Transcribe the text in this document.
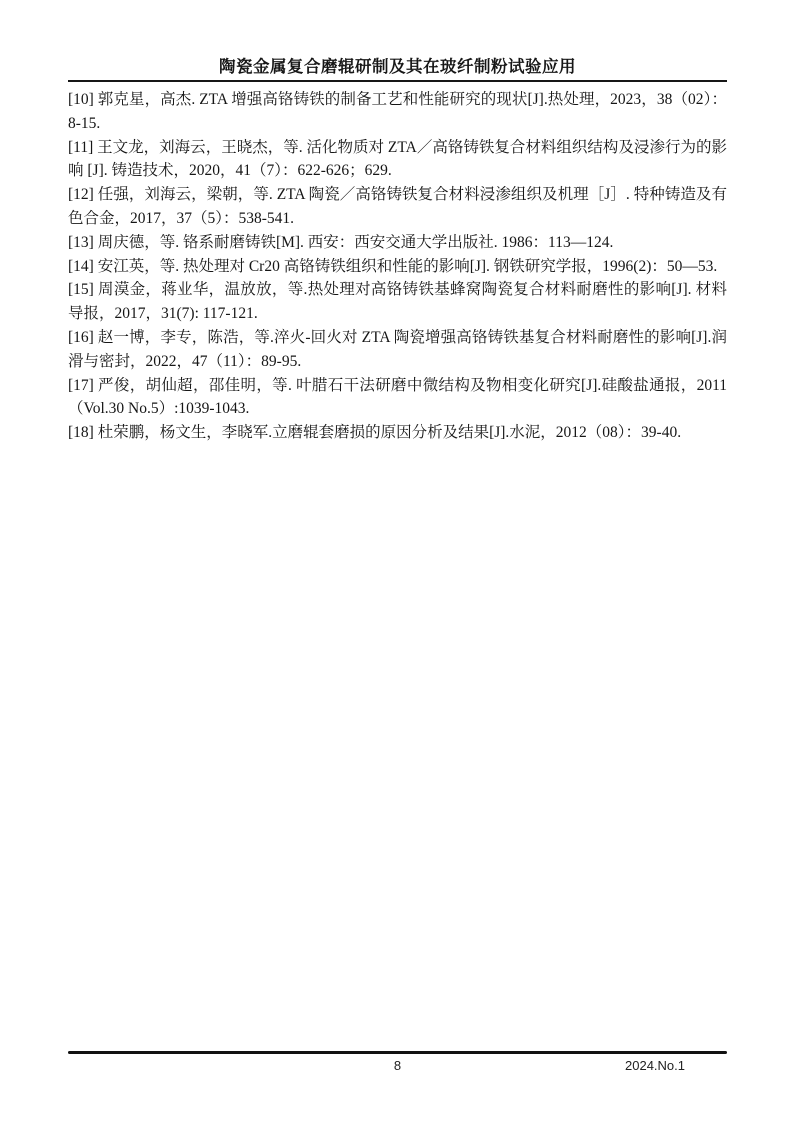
陶瓷金属复合磨辊研制及其在玻纤制粉试验应用

[10] 郭克星，高杰. ZTA 增强高铬铸铁的制备工艺和性能研究的现状[J].热处理，2023，38（02）：8-15.

[11] 王文龙，刘海云，王晓杰，等. 活化物质对 ZTA／高铬铸铁复合材料组织结构及浸渗行为的影响 [J]. 铸造技术，2020，41（7）：622-626；629.

[12] 任强，刘海云，梁朝，等. ZTA 陶瓷／高铬铸铁复合材料浸渗组织及机理［J］. 特种铸造及有色合金，2017，37（5）：538-541.

[13] 周庆德，等. 铬系耐磨铸铁[M]. 西安：西安交通大学出版社. 1986：113—124.

[14] 安江英，等. 热处理对 Cr20 高铬铸铁组织和性能的影响[J]. 钢铁研究学报，1996(2)：50—53.

[15] 周漠金，蒋业华，温放放，等.热处理对高铬铸铁基蜂窝陶瓷复合材料耐磨性的影响[J]. 材料导报，2017，31(7): 117-121.

[16] 赵一博，李专，陈浩，等.淬火-回火对 ZTA 陶瓷增强高铬铸铁基复合材料耐磨性的影响[J].润滑与密封，2022，47（11）：89-95.

[17] 严俊，胡仙超，邵佳明，等. 叶腊石干法研磨中微结构及物相变化研究[J].硅酸盐通报，2011（Vol.30 No.5）:1039-1043.

[18] 杜荣鹏，杨文生，李晓军.立磨辊套磨损的原因分析及结果[J].水泥，2012（08）：39-40.

8	2024.No.1
